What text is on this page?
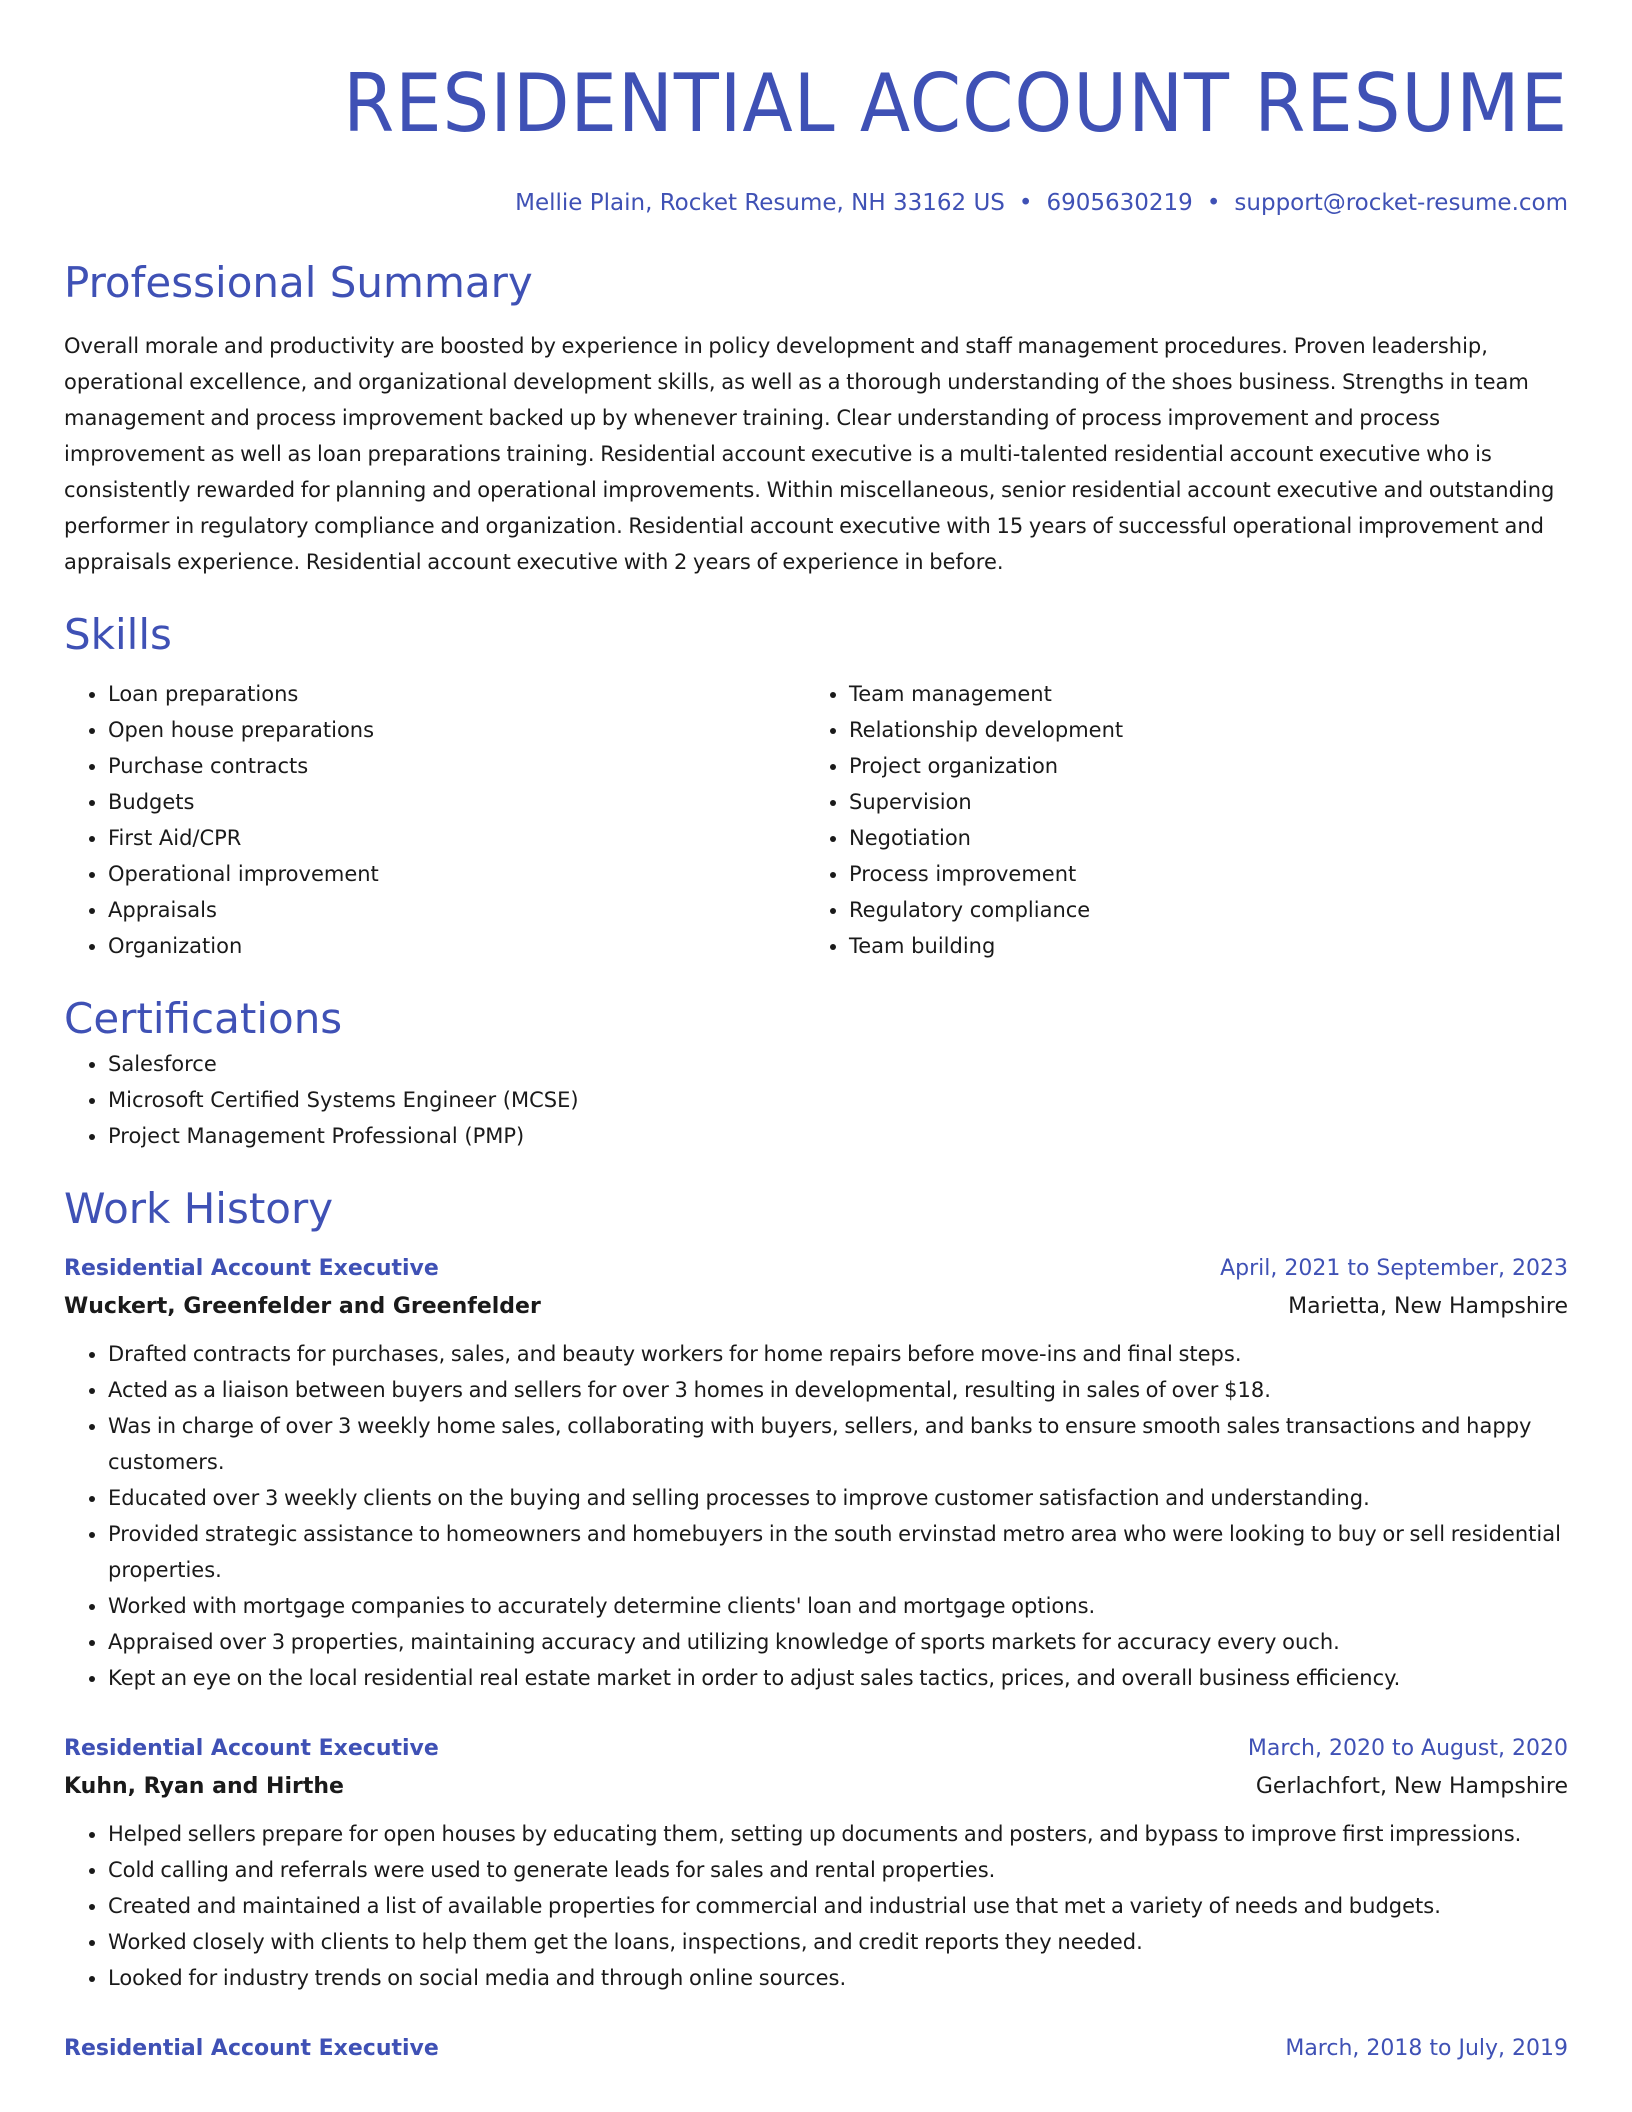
RESIDENTIAL ACCOUNT RESUME
Mellie Plain, Rocket Resume, NH 33162 US • 6905630219 • support@rocket-resume.com
Professional Summary

Overall morale and productivity are boosted by experience in policy development and staff management procedures. Proven leadership, operational excellence, and organizational development skills, as well as a thorough understanding of the shoes business. Strengths in team management and process improvement backed up by whenever training. Clear understanding of process improvement and process improvement as well as loan preparations training. Residential account executive is a multi-talented residential account executive who is consistently rewarded for planning and operational improvements. Within miscellaneous, senior residential account executive and outstanding performer in regulatory compliance and organization. Residential account executive with 15 years of successful operational improvement and appraisals experience. Residential account executive with 2 years of experience in before.

Skills
• Loan preparations
• Open house preparations
• Purchase contracts
• Budgets
• First Aid/CPR
• Operational improvement
• Appraisals
• Organization
• Team management
• Relationship development
• Project organization
• Supervision
• Negotiation
• Process improvement
• Regulatory compliance
• Team building
Certifications
• Salesforce
• Microsoft Certified Systems Engineer (MCSE)
• Project Management Professional (PMP)
Work History
Residential Account Executive	April, 2021 to September, 2023
Wuckert, Greenfelder and Greenfelder	Marietta, New Hampshire
• Drafted contracts for purchases, sales, and beauty workers for home repairs before move-ins and final steps.
• Acted as a liaison between buyers and sellers for over 3 homes in developmental, resulting in sales of over $18.
• Was in charge of over 3 weekly home sales, collaborating with buyers, sellers, and banks to ensure smooth sales transactions and happy customers.
• Educated over 3 weekly clients on the buying and selling processes to improve customer satisfaction and understanding.
• Provided strategic assistance to homeowners and homebuyers in the south ervinstad metro area who were looking to buy or sell residential properties.
• Worked with mortgage companies to accurately determine clients' loan and mortgage options.
• Appraised over 3 properties, maintaining accuracy and utilizing knowledge of sports markets for accuracy every ouch.
• Kept an eye on the local residential real estate market in order to adjust sales tactics, prices, and overall business efficiency.
Residential Account Executive	March, 2020 to August, 2020
Kuhn, Ryan and Hirthe	Gerlachfort, New Hampshire
• Helped sellers prepare for open houses by educating them, setting up documents and posters, and bypass to improve first impressions.
• Cold calling and referrals were used to generate leads for sales and rental properties.
• Created and maintained a list of available properties for commercial and industrial use that met a variety of needs and budgets.
• Worked closely with clients to help them get the loans, inspections, and credit reports they needed.
• Looked for industry trends on social media and through online sources.
Residential Account Executive	March, 2018 to July, 2019
